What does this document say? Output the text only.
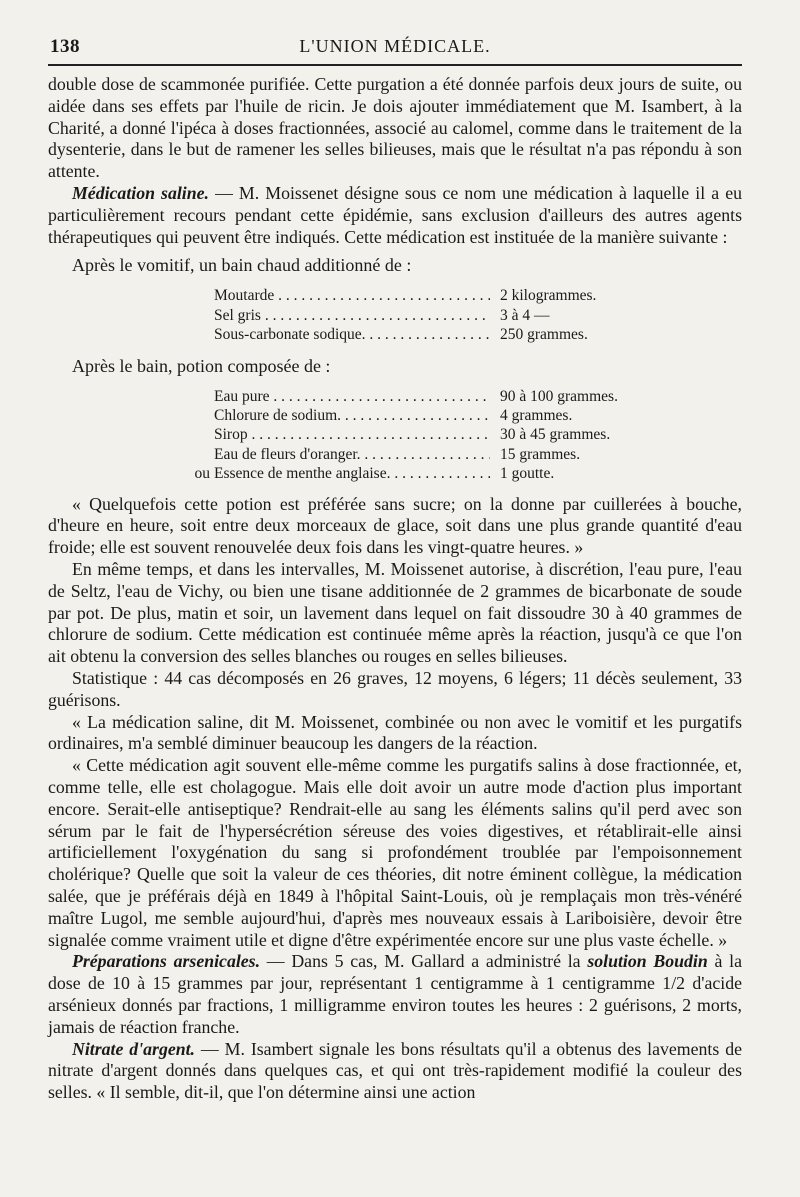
138	L'UNION MÉDICALE.

double dose de scammonée purifiée. Cette purgation a été donnée parfois deux jours de suite, ou aidée dans ses effets par l'huile de ricin. Je dois ajouter immédiatement que M. Isambert, à la Charité, a donné l'ipéca à doses fractionnées, associé au calomel, comme dans le traitement de la dysenterie, dans le but de ramener les selles bilieuses, mais que le résultat n'a pas répondu à son attente.

Médication saline. — M. Moissenet désigne sous ce nom une médication à laquelle il a eu particulièrement recours pendant cette épidémie, sans exclusion d'ailleurs des autres agents thérapeutiques qui peuvent être indiqués. Cette médication est instituée de la manière suivante :

Après le vomitif, un bain chaud additionné de :

Moutarde . . .	2 kilogrammes.
Sel gris . . .	3 à 4 —
Sous-carbonate sodique. . . .	250 grammes.

Après le bain, potion composée de :

Eau pure . . .	90 à 100 grammes.
Chlorure de sodium. . . .	4 grammes.
Sirop . . .	30 à 45 grammes.
Eau de fleurs d'oranger. . . .	15 grammes.
ou Essence de menthe anglaise. . . .	1 goutte.

« Quelquefois cette potion est préférée sans sucre; on la donne par cuillerées à bouche, d'heure en heure, soit entre deux morceaux de glace, soit dans une plus grande quantité d'eau froide; elle est souvent renouvelée deux fois dans les vingt-quatre heures. »

En même temps, et dans les intervalles, M. Moissenet autorise, à discrétion, l'eau pure, l'eau de Seltz, l'eau de Vichy, ou bien une tisane additionnée de 2 grammes de bicarbonate de soude par pot. De plus, matin et soir, un lavement dans lequel on fait dissoudre 30 à 40 grammes de chlorure de sodium. Cette médication est continuée même après la réaction, jusqu'à ce que l'on ait obtenu la conversion des selles blanches ou rouges en selles bilieuses.

Statistique : 44 cas décomposés en 26 graves, 12 moyens, 6 légers; 11 décès seulement, 33 guérisons.

« La médication saline, dit M. Moissenet, combinée ou non avec le vomitif et les purgatifs ordinaires, m'a semblé diminuer beaucoup les dangers de la réaction.

« Cette médication agit souvent elle-même comme les purgatifs salins à dose fractionnée, et, comme telle, elle est cholagogue. Mais elle doit avoir un autre mode d'action plus important encore. Serait-elle antiseptique? Rendrait-elle au sang les éléments salins qu'il perd avec son sérum par le fait de l'hypersécrétion séreuse des voies digestives, et rétablirait-elle ainsi artificiellement l'oxygénation du sang si profondément troublée par l'empoisonnement cholérique? Quelle que soit la valeur de ces théories, dit notre éminent collègue, la médication salée, que je préférais déjà en 1849 à l'hôpital Saint-Louis, où je remplaçais mon très-vénéré maître Lugol, me semble aujourd'hui, d'après mes nouveaux essais à Lariboisière, devoir être signalée comme vraiment utile et digne d'être expérimentée encore sur une plus vaste échelle. »

Préparations arsenicales. — Dans 5 cas, M. Gallard a administré la solution Boudin à la dose de 10 à 15 grammes par jour, représentant 1 centigramme à 1 centigramme 1/2 d'acide arsénieux donnés par fractions, 1 milligramme environ toutes les heures : 2 guérisons, 2 morts, jamais de réaction franche.

Nitrate d'argent. — M. Isambert signale les bons résultats qu'il a obtenus des lavements de nitrate d'argent donnés dans quelques cas, et qui ont très-rapidement modifié la couleur des selles. « Il semble, dit-il, que l'on détermine ainsi une action
